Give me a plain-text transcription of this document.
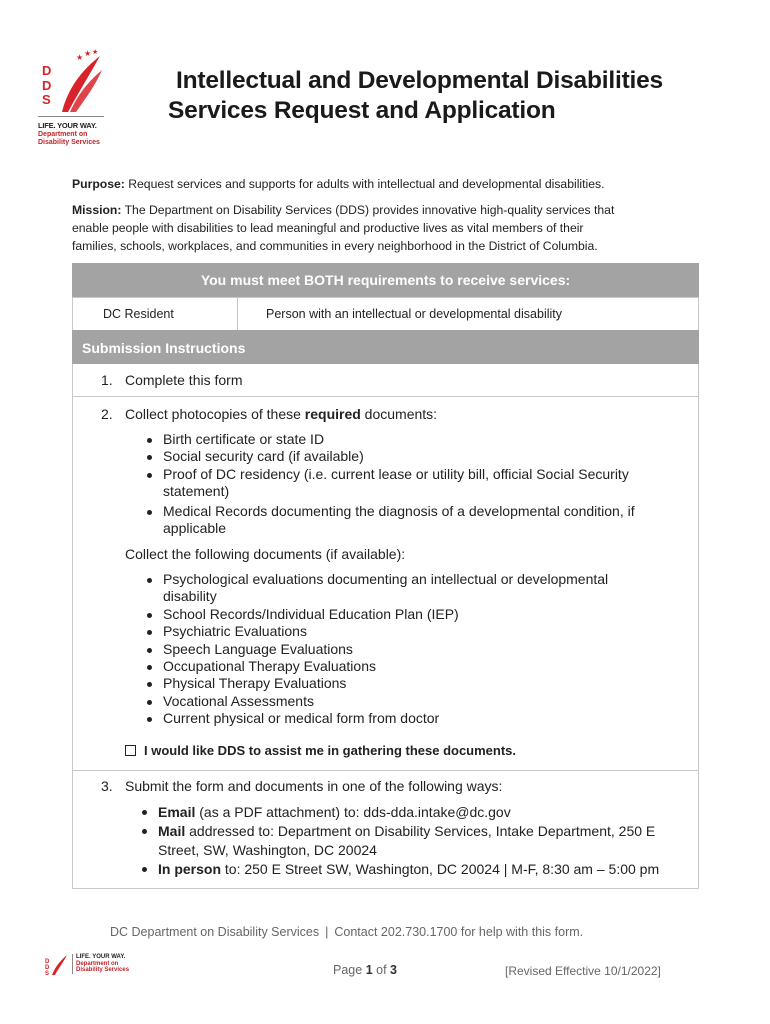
★ ★ ★
D
D
S
LIFE. YOUR WAY.
Department on
Disability Services
Intellectual and Developmental Disabilities
Services Request and Application
Purpose: Request services and supports for adults with intellectual and developmental disabilities.
Mission: The Department on Disability Services (DDS) provides innovative high-quality services that
enable people with disabilities to lead meaningful and productive lives as vital members of their
families, schools, workplaces, and communities in every neighborhood in the District of Columbia.
You must meet BOTH requirements to receive services:
DC Resident	Person with an intellectual or developmental disability
Submission Instructions
1. Complete this form
2. Collect photocopies of these required documents:
Birth certificate or state ID
Social security card (if available)
Proof of DC residency (i.e. current lease or utility bill, official Social Security
statement)
Medical Records documenting the diagnosis of a developmental condition, if
applicable
Collect the following documents (if available):
Psychological evaluations documenting an intellectual or developmental
disability
School Records/Individual Education Plan (IEP)
Psychiatric Evaluations
Speech Language Evaluations
Occupational Therapy Evaluations
Physical Therapy Evaluations
Vocational Assessments
Current physical or medical form from doctor
I would like DDS to assist me in gathering these documents.
3. Submit the form and documents in one of the following ways:
Email (as a PDF attachment) to: dds-dda.intake@dc.gov
Mail addressed to: Department on Disability Services, Intake Department, 250 E
Street, SW, Washington, DC 20024
In person to: 250 E Street SW, Washington, DC 20024 | M-F, 8:30 am – 5:00 pm
DC Department on Disability Services | Contact 202.730.1700 for help with this form.
D
D
S
LIFE. YOUR WAY.
Department on
Disability Services	Page 1 of 3	[Revised Effective 10/1/2022]
